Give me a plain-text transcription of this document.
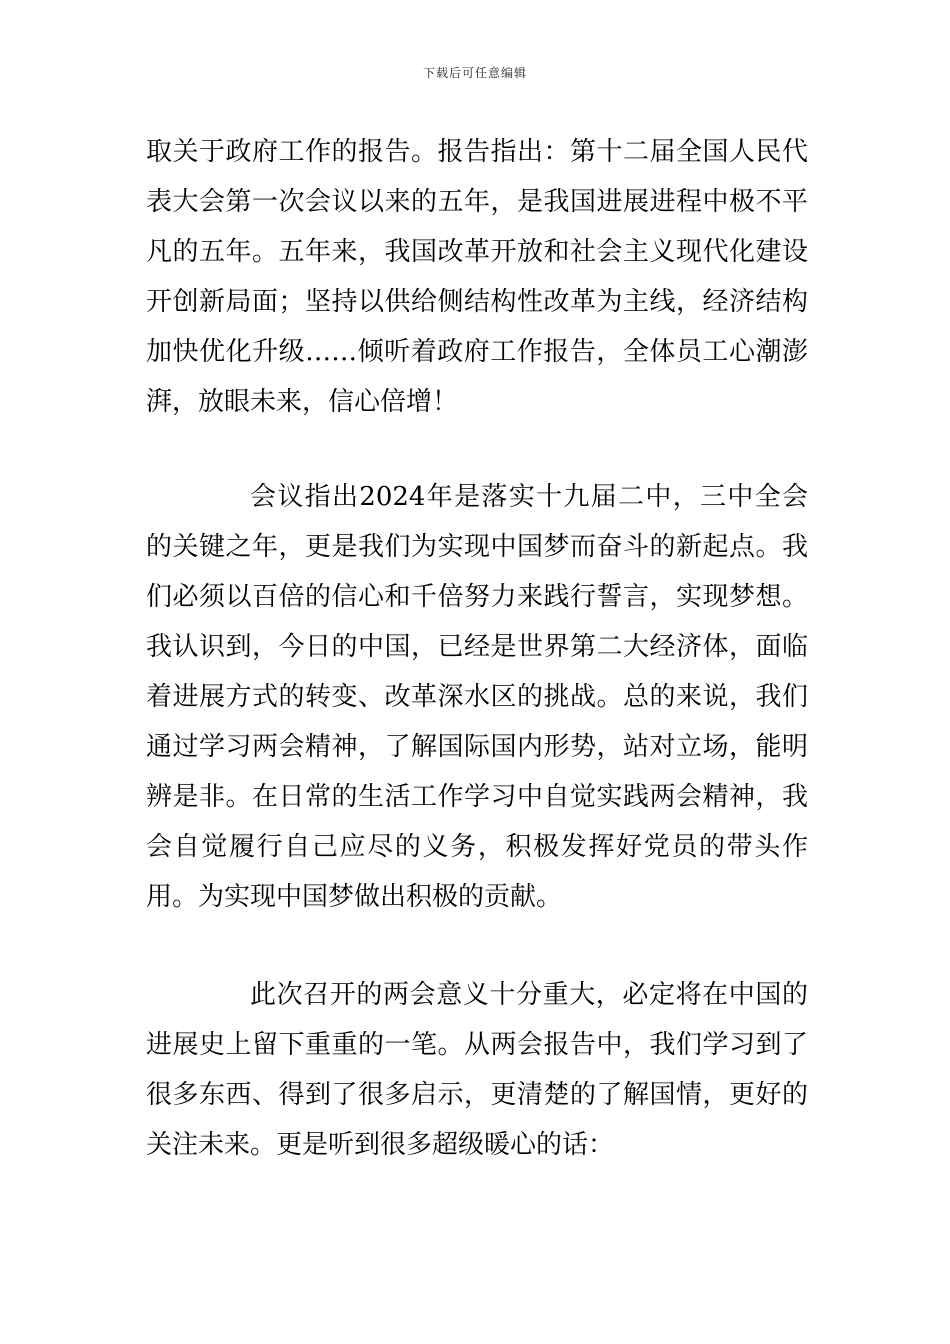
下载后可任意编辑

取关于政府工作的报告。报告指出：第十二届全国人民代表大会第一次会议以来的五年，是我国进展进程中极不平凡的五年。五年来，我国改革开放和社会主义现代化建设开创新局面；坚持以供给侧结构性改革为主线，经济结构加快优化升级……倾听着政府工作报告，全体员工心潮澎湃，放眼未来，信心倍增！

会议指出2024年是落实十九届二中，三中全会的关键之年，更是我们为实现中国梦而奋斗的新起点。我们必须以百倍的信心和千倍努力来践行誓言，实现梦想。我认识到，今日的中国，已经是世界第二大经济体，面临着进展方式的转变、改革深水区的挑战。总的来说，我们通过学习两会精神，了解国际国内形势，站对立场，能明辨是非。在日常的生活工作学习中自觉实践两会精神，我会自觉履行自己应尽的义务，积极发挥好党员的带头作用。为实现中国梦做出积极的贡献。

此次召开的两会意义十分重大，必定将在中国的进展史上留下重重的一笔。从两会报告中，我们学习到了很多东西、得到了很多启示，更清楚的了解国情，更好的关注未来。更是听到很多超级暖心的话：
